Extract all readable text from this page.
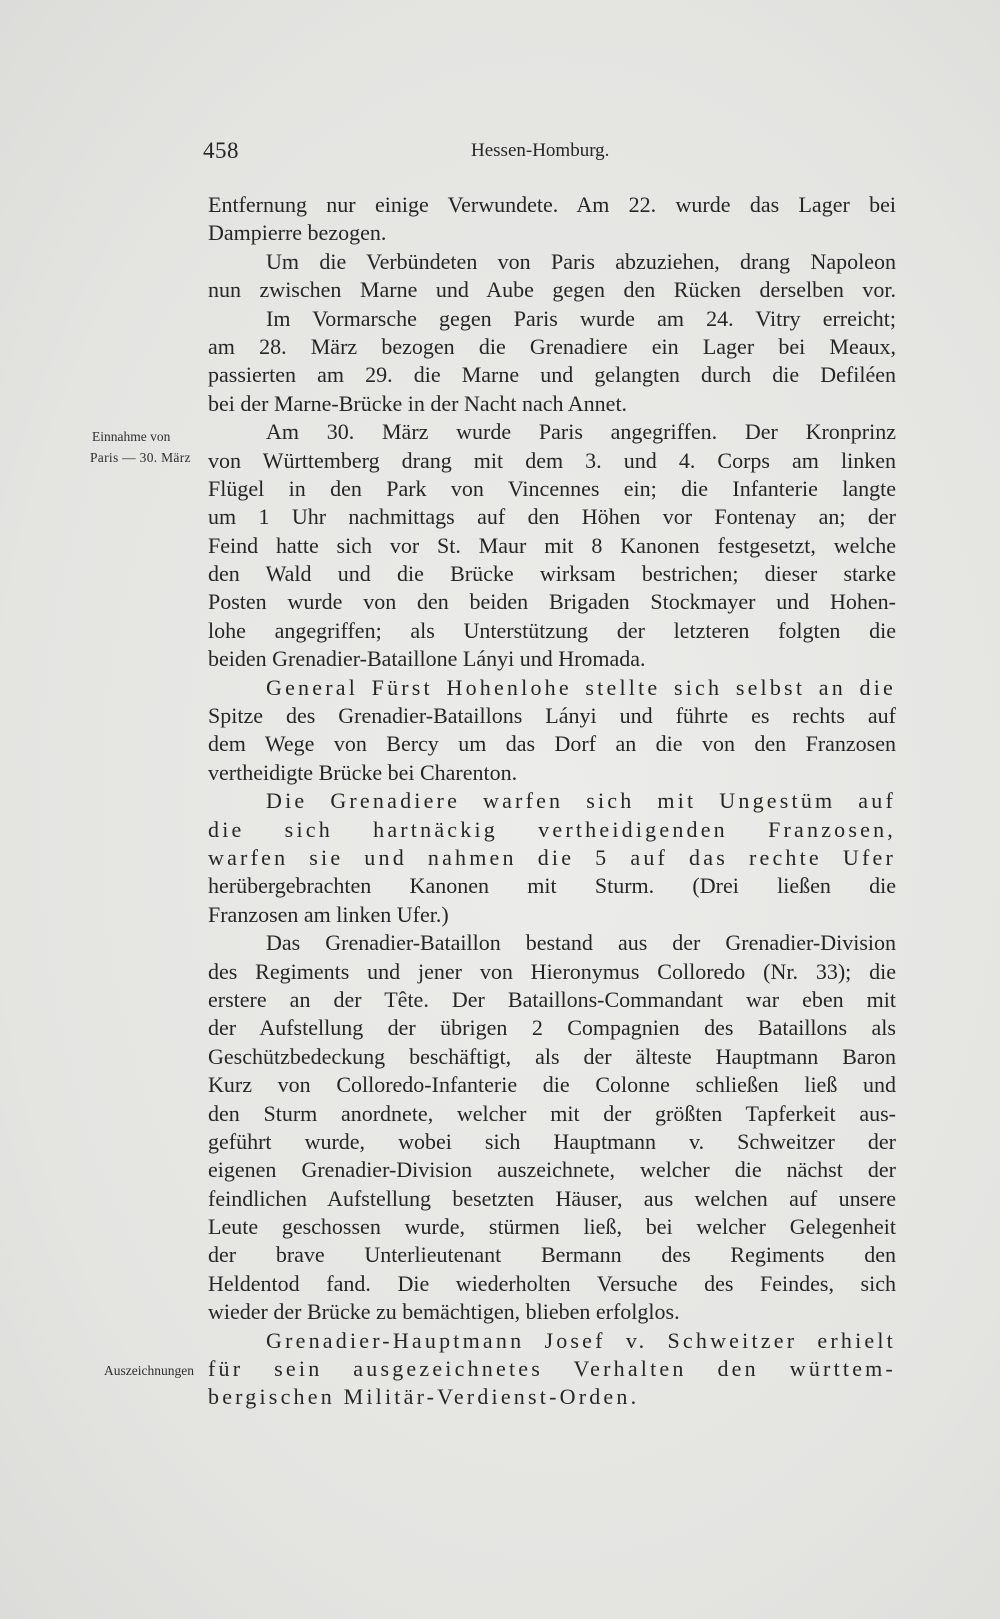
458	Hessen-Homburg.
Einnahme von
Paris — 30. März
Auszeichnungen
Entfernung nur einige Verwundete. Am 22. wurde das Lager bei
Dampierre bezogen.
Um die Verbündeten von Paris abzuziehen, drang Napoleon
nun zwischen Marne und Aube gegen den Rücken derselben vor.
Im Vormarsche gegen Paris wurde am 24. Vitry erreicht;
am 28. März bezogen die Grenadiere ein Lager bei Meaux,
passierten am 29. die Marne und gelangten durch die Defiléen
bei der Marne-Brücke in der Nacht nach Annet.
Am 30. März wurde Paris angegriffen. Der Kronprinz
von Württemberg drang mit dem 3. und 4. Corps am linken
Flügel in den Park von Vincennes ein; die Infanterie langte
um 1 Uhr nachmittags auf den Höhen vor Fontenay an; der
Feind hatte sich vor St. Maur mit 8 Kanonen festgesetzt, welche
den Wald und die Brücke wirksam bestrichen; dieser starke
Posten wurde von den beiden Brigaden Stockmayer und Hohen-
lohe angegriffen; als Unterstützung der letzteren folgten die
beiden Grenadier-Bataillone Lányi und Hromada.
General Fürst Hohenlohe stellte sich selbst an die
Spitze des Grenadier-Bataillons Lányi und führte es rechts auf
dem Wege von Bercy um das Dorf an die von den Franzosen
vertheidigte Brücke bei Charenton.
Die Grenadiere warfen sich mit Ungestüm auf
die sich hartnäckig vertheidigenden Franzosen,
warfen sie und nahmen die 5 auf das rechte Ufer
herübergebrachten Kanonen mit Sturm. (Drei ließen die
Franzosen am linken Ufer.)
Das Grenadier-Bataillon bestand aus der Grenadier-Division
des Regiments und jener von Hieronymus Colloredo (Nr. 33); die
erstere an der Tête. Der Bataillons-Commandant war eben mit
der Aufstellung der übrigen 2 Compagnien des Bataillons als
Geschützbedeckung beschäftigt, als der älteste Hauptmann Baron
Kurz von Colloredo-Infanterie die Colonne schließen ließ und
den Sturm anordnete, welcher mit der größten Tapferkeit aus-
geführt wurde, wobei sich Hauptmann v. Schweitzer der
eigenen Grenadier-Division auszeichnete, welcher die nächst der
feindlichen Aufstellung besetzten Häuser, aus welchen auf unsere
Leute geschossen wurde, stürmen ließ, bei welcher Gelegenheit
der brave Unterlieutenant Bermann des Regiments den
Heldentod fand. Die wiederholten Versuche des Feindes, sich
wieder der Brücke zu bemächtigen, blieben erfolglos.
Grenadier-Hauptmann Josef v. Schweitzer erhielt
für sein ausgezeichnetes Verhalten den württem-
bergischen Militär-Verdienst-Orden.
